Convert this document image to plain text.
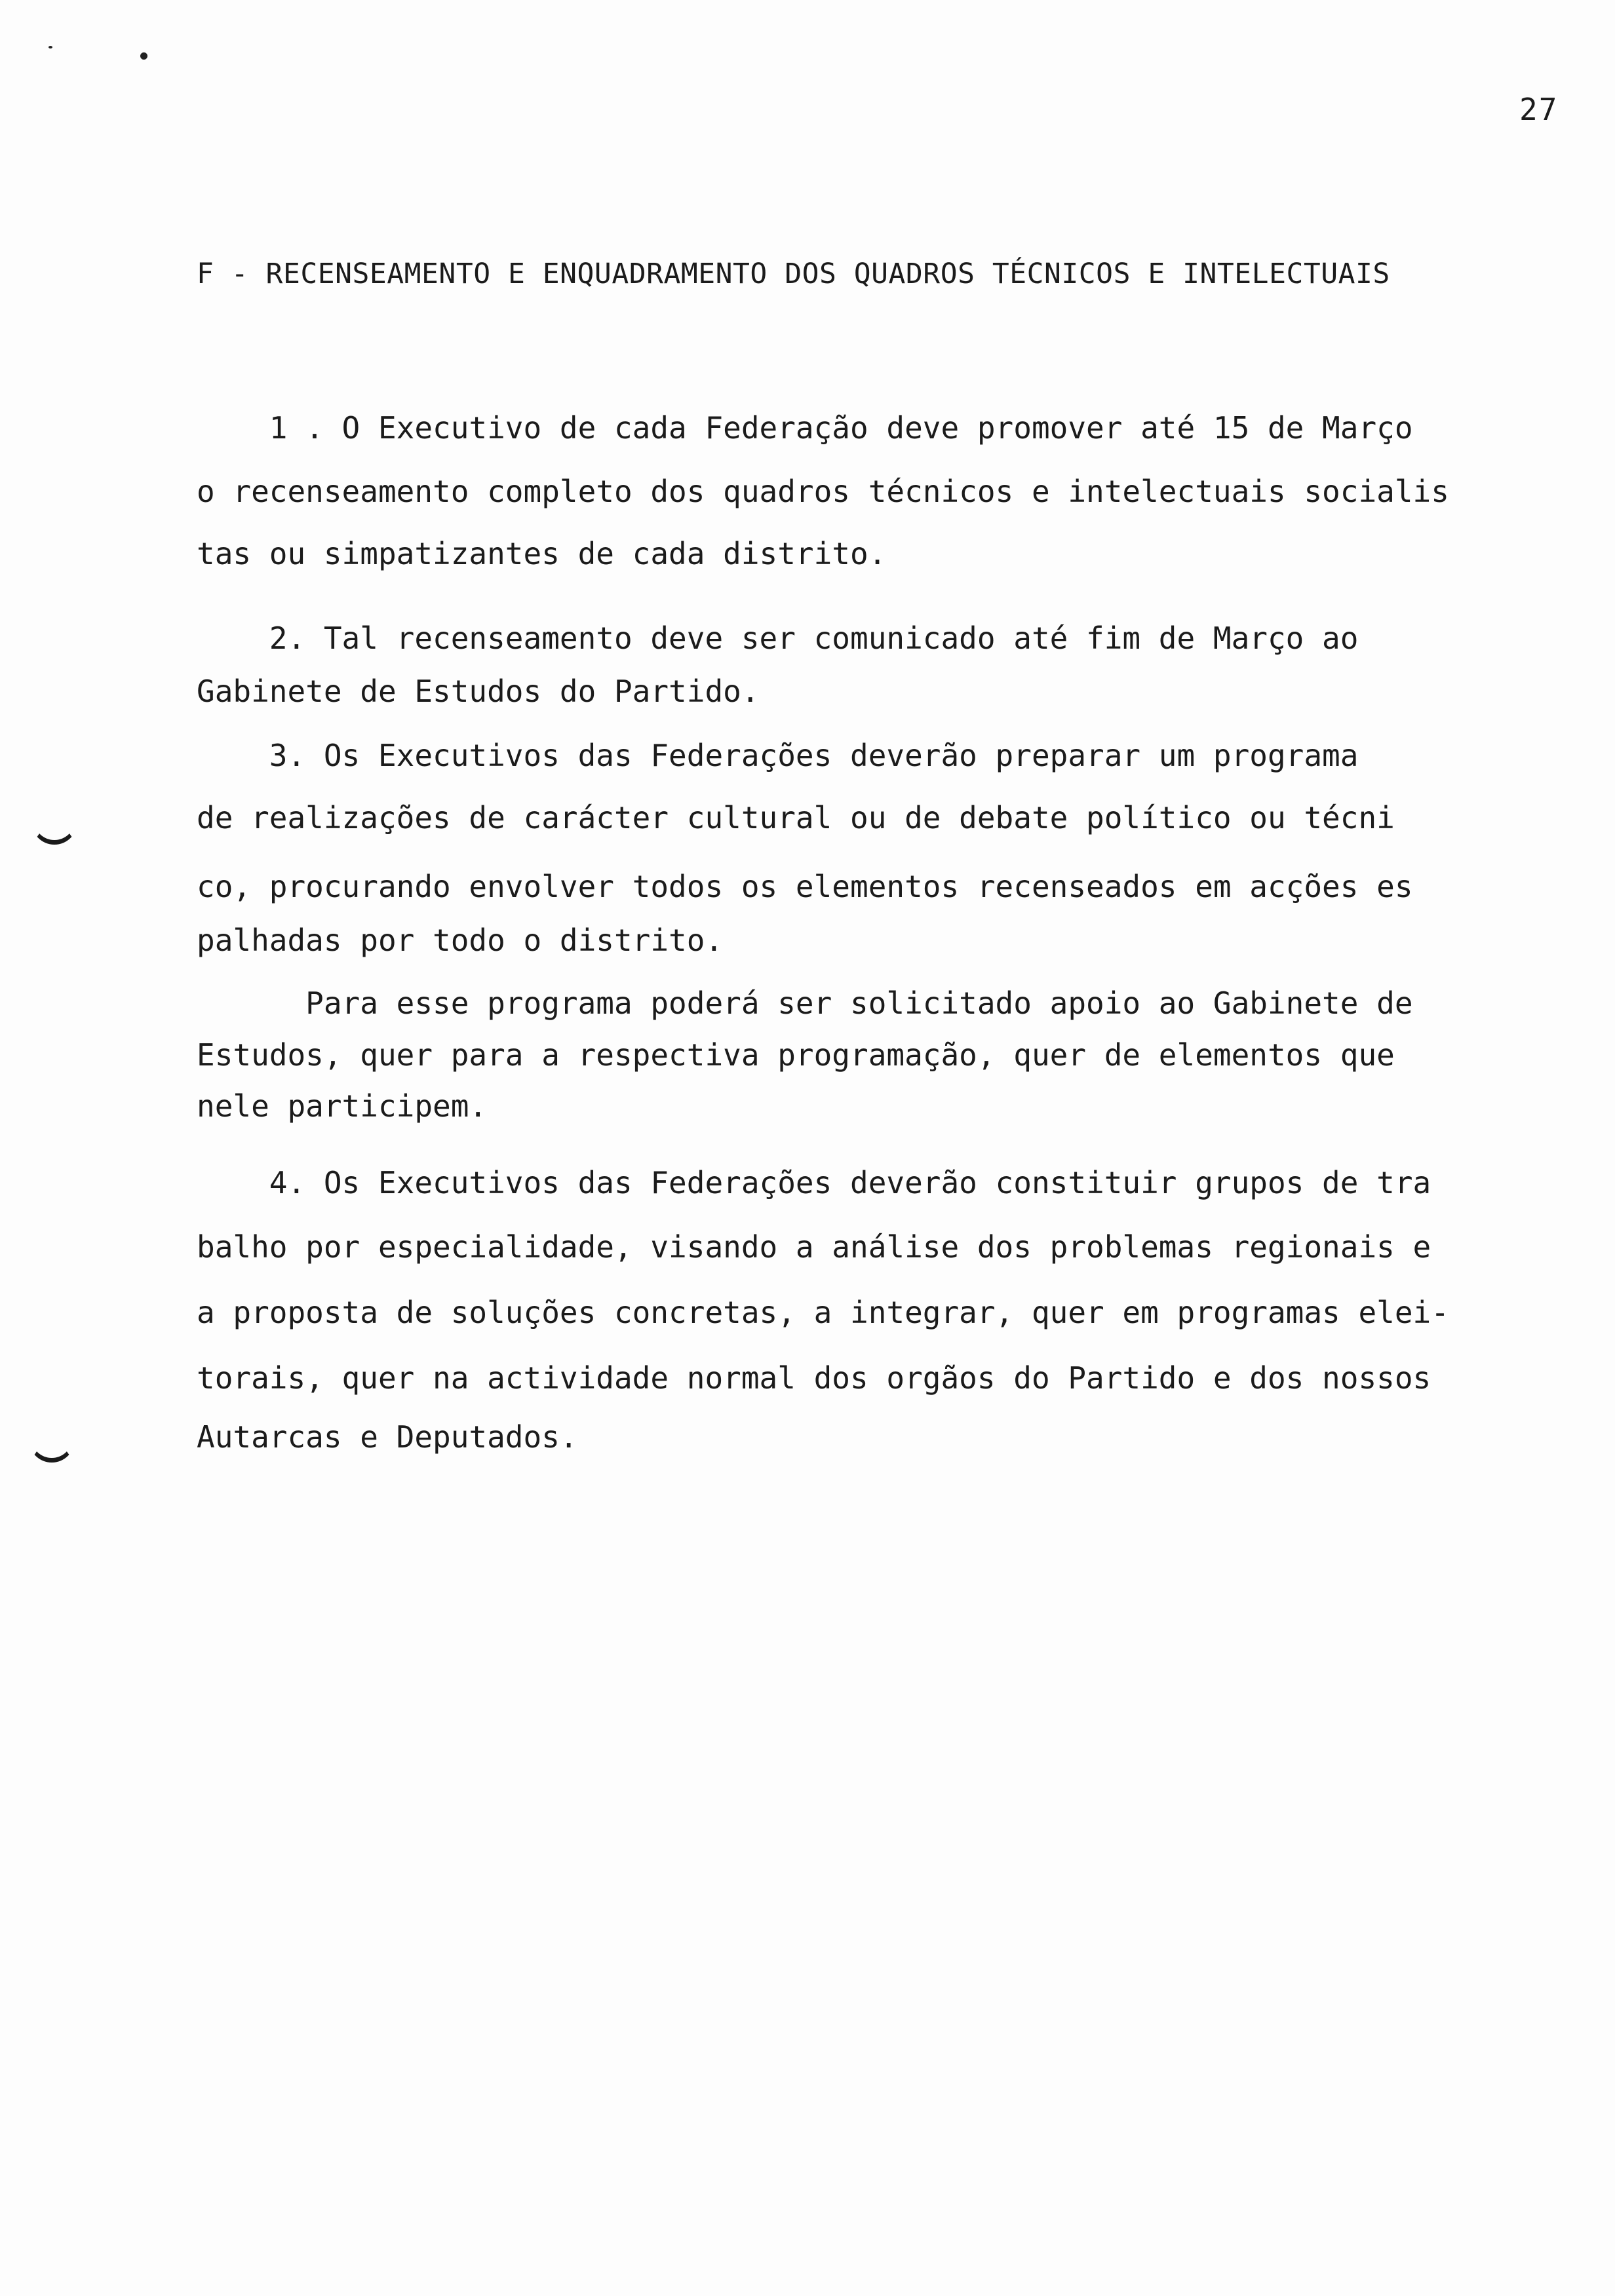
27
F - RECENSEAMENTO E ENQUADRAMENTO DOS QUADROS TÉCNICOS E INTELECTUAIS
1 . O Executivo de cada Federação deve promover até 15 de Março
o recenseamento completo dos quadros técnicos e intelectuais socialis
tas ou simpatizantes de cada distrito.
2. Tal recenseamento deve ser comunicado até fim de Março ao
Gabinete de Estudos do Partido.
3. Os Executivos das Federações deverão preparar um programa
de realizações de carácter cultural ou de debate político ou técni
co, procurando envolver todos os elementos recenseados em acções es
palhadas por todo o distrito.
Para esse programa poderá ser solicitado apoio ao Gabinete de
Estudos, quer para a respectiva programação, quer de elementos que
nele participem.
4. Os Executivos das Federações deverão constituir grupos de tra
balho por especialidade, visando a análise dos problemas regionais e
a proposta de soluções concretas, a integrar, quer em programas elei-
torais, quer na actividade normal dos orgãos do Partido e dos nossos
Autarcas e Deputados.
